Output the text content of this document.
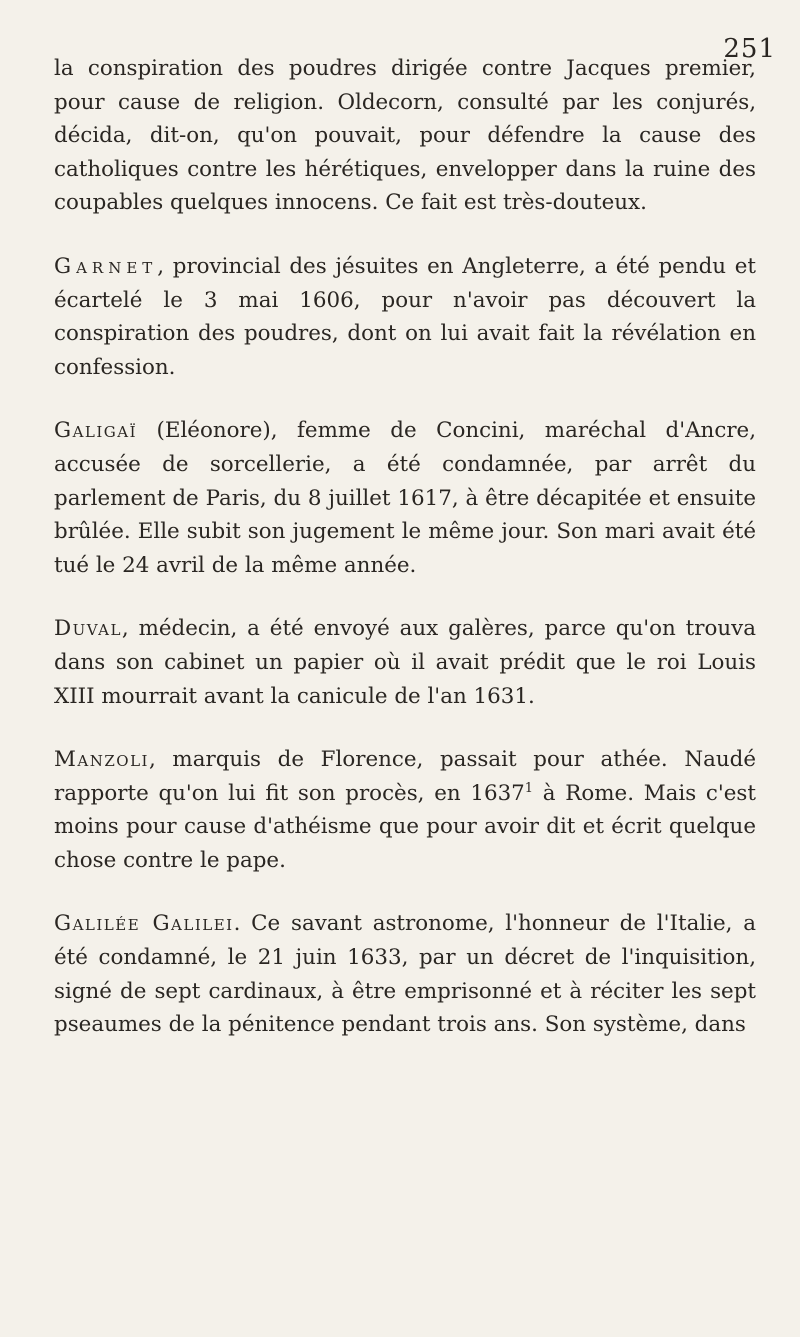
251

la conspiration des poudres dirigée contre Jacques premier, pour cause de religion. Oldecorn, consulté par les conjurés, décida, dit-on, qu'on pouvait, pour défendre la cause des catholiques contre les hérétiques, envelopper dans la ruine des coupables quelques innocens. Ce fait est très-douteux.

Garnet, provincial des jésuites en Angleterre, a été pendu et écartelé le 3 mai 1606, pour n'avoir pas découvert la conspiration des poudres, dont on lui avait fait la révélation en confession.

Galigaï (Eléonore), femme de Concini, maréchal d'Ancre, accusée de sorcellerie, a été condamnée, par arrêt du parlement de Paris, du 8 juillet 1617, à être décapitée et ensuite brûlée. Elle subit son jugement le même jour. Son mari avait été tué le 24 avril de la même année.

Duval, médecin, a été envoyé aux galères, parce qu'on trouva dans son cabinet un papier où il avait prédit que le roi Louis XIII mourrait avant la canicule de l'an 1631.

Manzoli, marquis de Florence, passait pour athée. Naudé rapporte qu'on lui fit son procès, en 1637$^1$ à Rome. Mais c'est moins pour cause d'athéisme que pour avoir dit et écrit quelque chose contre le pape.

Galilée Galilei. Ce savant astronome, l'honneur de l'Italie, a été condamné, le 21 juin 1633, par un décret de l'inquisition, signé de sept cardinaux, à être emprisonné et à réciter les sept pseaumes de la pénitence pendant trois ans. Son système, dans
